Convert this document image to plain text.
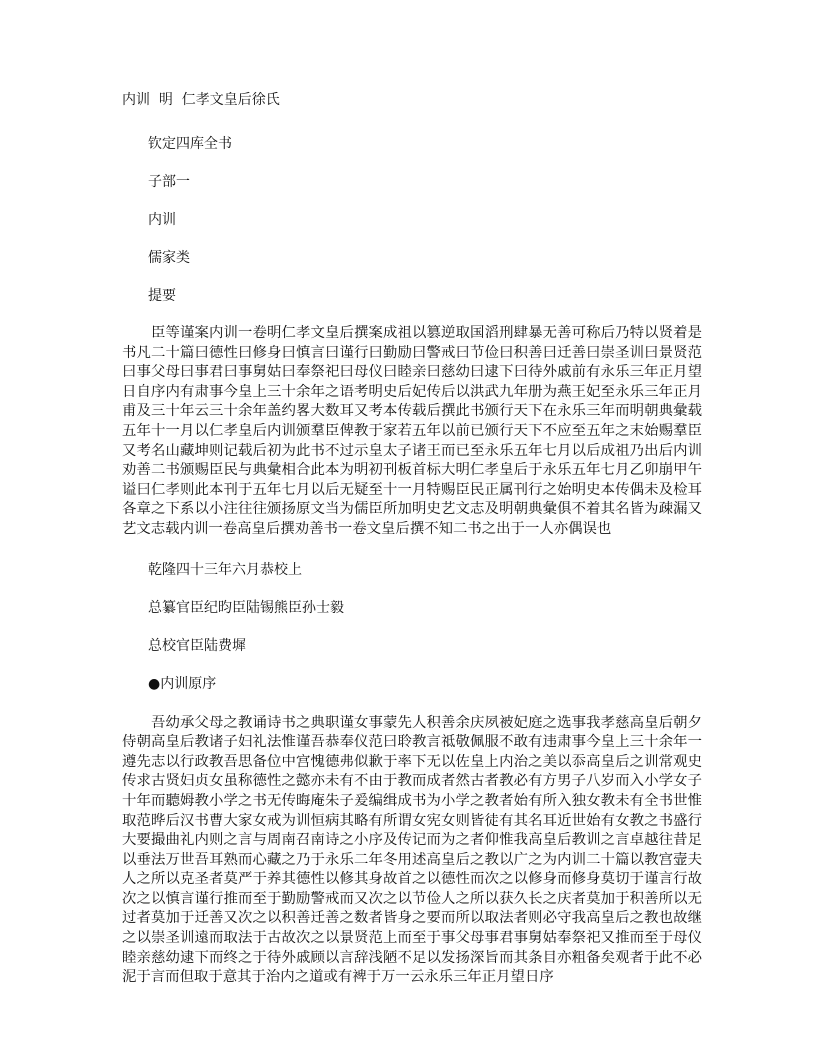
内训  明  仁孝文皇后徐氏
钦定四库全书
子部一
内训
儒家类
提要

臣等谨案内训一卷明仁孝文皇后撰案成祖以篡逆取国滔刑肆暴无善可称后乃特以贤着是书凡二十篇曰德性曰修身曰慎言曰谨行曰勤励曰警戒曰节俭曰积善曰迁善曰崇圣训曰景贤范曰事父母曰事君曰事舅姑曰奉祭祀曰母仪曰睦亲曰慈幼曰逮下曰待外戚前有永乐三年正月望日自序内有肃事今皇上三十余年之语考明史后妃传后以洪武九年册为燕王妃至永乐三年正月甫及三十年云三十余年盖约畧大数耳又考本传载后撰此书颁行天下在永乐三年而明朝典彙载五年十一月以仁孝皇后内训颁羣臣俾教于家若五年以前已颁行天下不应至五年之末始赐羣臣又考名山藏坤则记载后初为此书不过示皇太子诸王而已至永乐五年七月以后成祖乃出后内训劝善二书颁赐臣民与典彙相合此本为明初刊板首标大明仁孝皇后于永乐五年七月乙卯崩甲午谥曰仁孝则此本刊于五年七月以后无疑至十一月特赐臣民正属刊行之始明史本传偶未及检耳各章之下系以小注往往颁扬原文当为儒臣所加明史艺文志及明朝典彙俱不着其名皆为疎漏又艺文志载内训一卷高皇后撰劝善书一卷文皇后撰不知二书之出于一人亦偶误也

乾隆四十三年六月恭校上
总纂官臣纪昀臣陆锡熊臣孙士毅
总校官臣陆费墀
●内训原序

吾幼承父母之教诵诗书之典职谨女事蒙先人积善余庆夙被妃庭之选事我孝慈高皇后朝夕侍朝高皇后教诸子妇礼法惟谨吾恭奉仪范曰聆教言祗敬佩服不敢有违肃事今皇上三十余年一遵先志以行政教吾思备位中宫愧德弗似歉于率下无以佐皇上内治之美以忝高皇后之训常观史传求古贤妇贞女虽称德性之懿亦未有不由于教而成者然古者教必有方男子八岁而入小学女子十年而聽姆教小学之书无传晦庵朱子爰编缉成书为小学之教者始有所入独女教未有全书世惟取范晔后汉书曹大家女戒为训恒病其略有所谓女宪女则皆徒有其名耳近世始有女教之书盛行大要撮曲礼内则之言与周南召南诗之小序及传记而为之者仰惟我高皇后教训之言卓越往昔足以垂法万世吾耳熟而心藏之乃于永乐二年冬用述高皇后之教以广之为内训二十篇以教宫壸夫人之所以克圣者莫严于养其德性以修其身故首之以德性而次之以修身而修身莫切于谨言行故次之以慎言谨行推而至于勤励警戒而又次之以节俭人之所以获久长之庆者莫加于积善所以无过者莫加于迁善又次之以积善迁善之数者皆身之要而所以取法者则必守我高皇后之教也故继之以崇圣训遠而取法于古故次之以景贤范上而至于事父母事君事舅姑奉祭祀又推而至于母仪睦亲慈幼逮下而终之于待外戚顾以言辞浅陋不足以发扬深旨而其条目亦粗备矣观者于此不必泥于言而但取于意其于治内之道或有裨于万一云永乐三年正月望日序
